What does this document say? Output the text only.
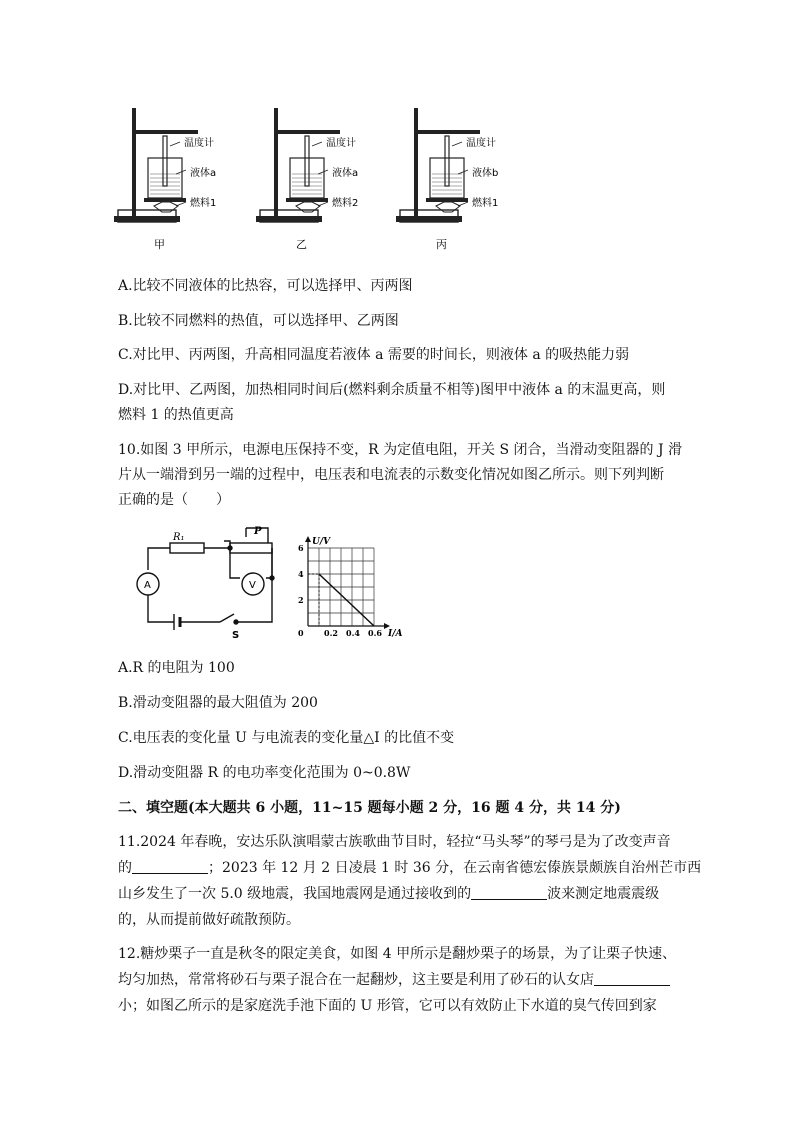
温度计
液体a
燃料1
甲
温度计
液体a
燃料2
乙
温度计
液体b
燃料1
丙
A.比较不同液体的比热容，可以选择甲、丙两图
B.比较不同燃料的热值，可以选择甲、乙两图
C.对比甲、丙两图，升高相同温度若液体 a 需要的时间长，则液体 a 的吸热能力弱
D.对比甲、乙两图，加热相同时间后(燃料剩余质量不相等)图甲中液体 a 的末温更高，则
燃料 1 的热值更高
10.如图 3 甲所示，电源电压保持不变，R 为定值电阻，开关 S 闭合，当滑动变阻器的 J 滑
片从一端滑到另一端的过程中，电压表和电流表的示数变化情况如图乙所示。则下列判断
正确的是（　　）
R₁
P
A	V
S
U/V
I/A
2
4
6
0	0.2 0.4 0.6
A.R 的电阻为 100
B.滑动变阻器的最大阻值为 200
C.电压表的变化量 U 与电流表的变化量△I 的比值不变
D.滑动变阻器 R 的电功率变化范围为 0~0.8W
二、填空题(本大题共 6 小题，11~15 题每小题 2 分，16 题 4 分，共 14 分)
11.2024 年春晚，安达乐队演唱蒙古族歌曲节目时，轻拉“马头琴”的琴弓是为了改变声音
的	；2023 年 12 月 2 日凌晨 1 时 36 分，在云南省德宏傣族景颇族自治州芒市西
山乡发生了一次 5.0 级地震，我国地震网是通过接收到的	波来测定地震震级
的，从而提前做好疏散预防。
12.糖炒栗子一直是秋冬的限定美食，如图 4 甲所示是翻炒栗子的场景，为了让栗子快速、
均匀加热，常常将砂石与栗子混合在一起翻炒，这主要是利用了砂石的认女店
小；如图乙所示的是家庭洗手池下面的 U 形管，它可以有效防止下水道的臭气传回到家
